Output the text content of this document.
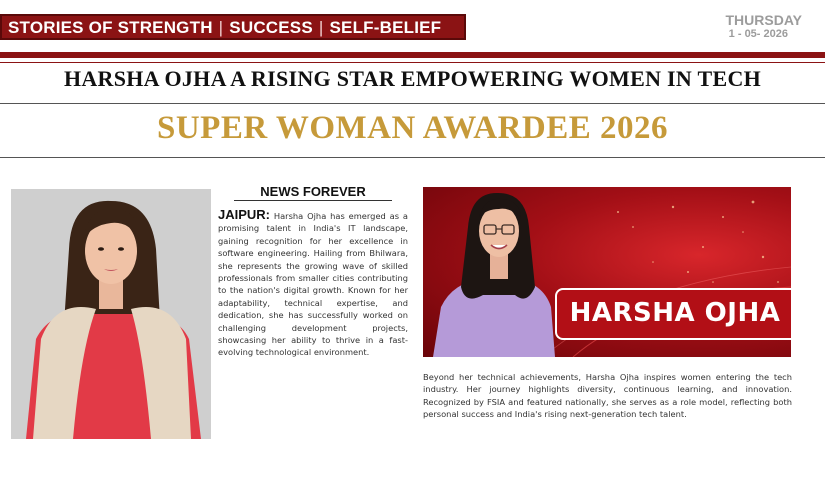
STORIES OF STRENGTH | SUCCESS | SELF-BELIEF	THURSDAY
1 - 05- 2026
HARSHA OJHA A RISING STAR EMPOWERING WOMEN IN TECH
SUPER WOMAN AWARDEE 2026
NEWS FOREVER
JAIPUR: Harsha Ojha has emerged as a promising talent in India's IT landscape, gaining recognition for her excellence in software engineering. Hailing from Bhilwara, she represents the growing wave of skilled professionals from smaller cities contributing to the nation's digital growth. Known for her adaptability, technical expertise, and dedication, she has successfully worked on challenging development projects, showcasing her ability to thrive in a fast-evolving technological environment.
HARSHA OJHA
Beyond her technical achievements, Harsha Ojha inspires women entering the tech industry. Her journey highlights diversity, continuous learning, and innovation. Recognized by FSIA and featured nationally, she serves as a role model, reflecting both personal success and India's rising next-generation tech talent.
